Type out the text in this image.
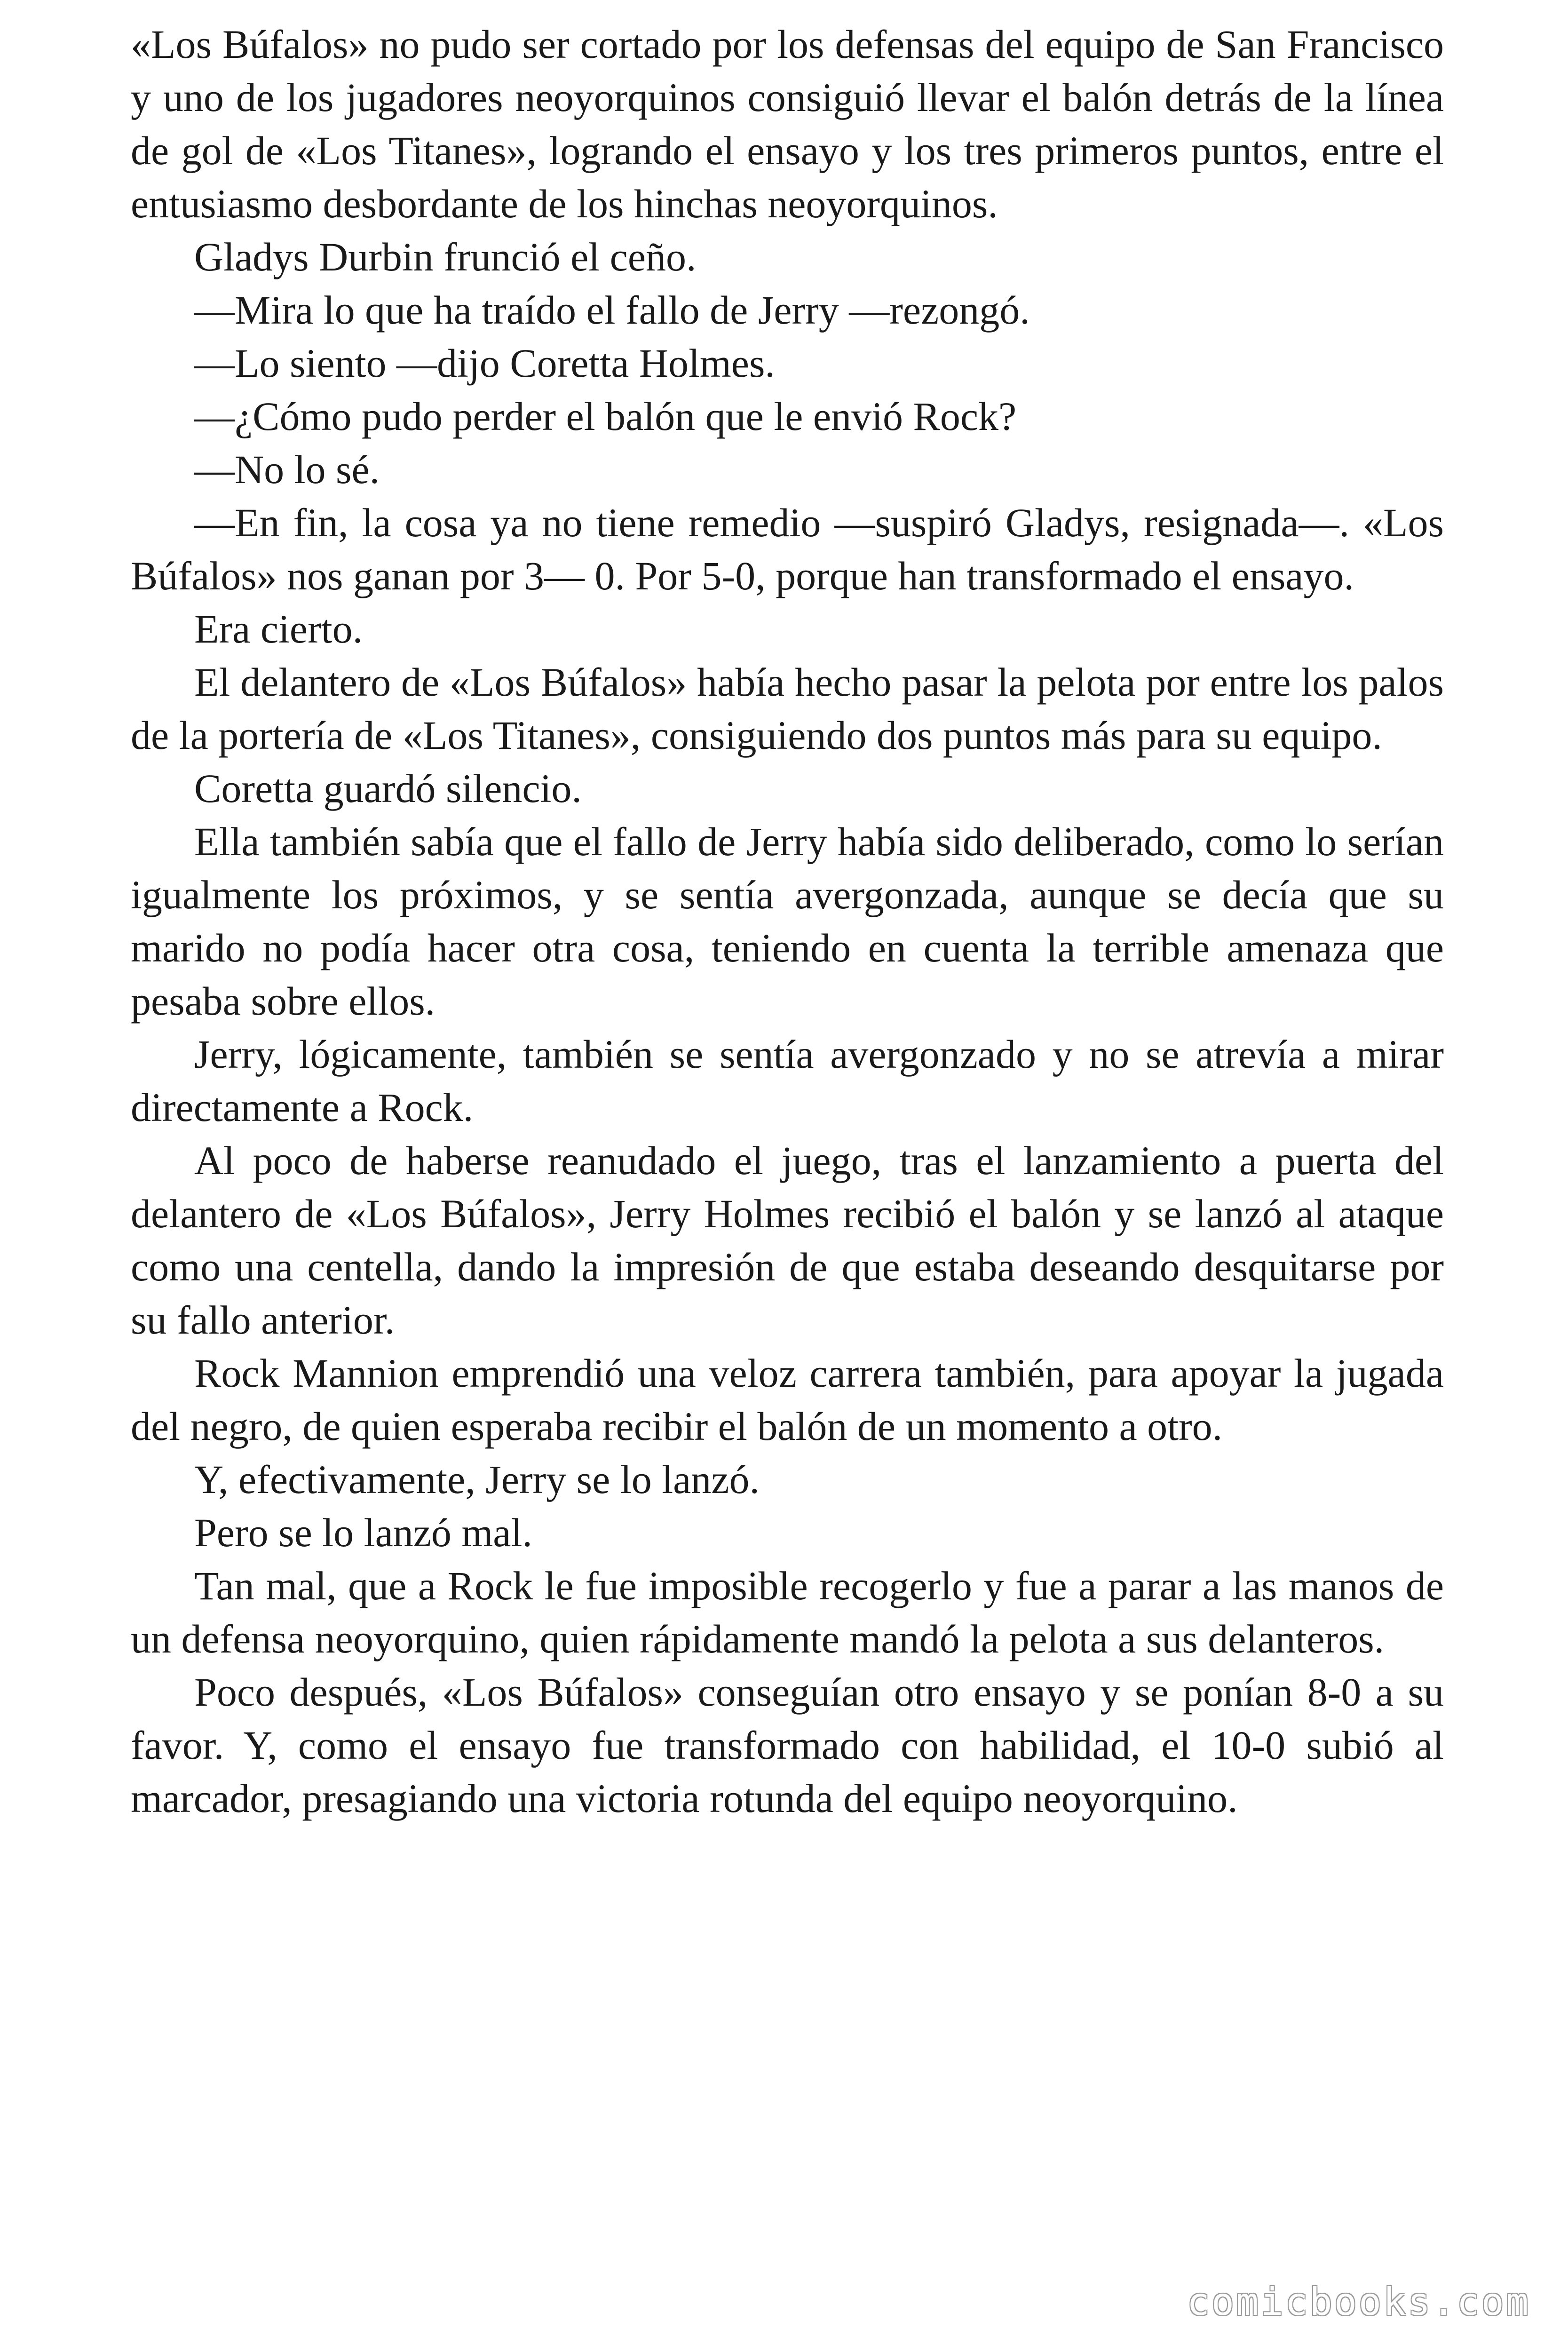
«Los Búfalos» no pudo ser cortado por los defensas del equipo de San Francisco y uno de los jugadores neoyorquinos consiguió llevar el balón detrás de la línea de gol de «Los Titanes», logrando el ensayo y los tres primeros puntos, entre el entusiasmo desbordante de los hinchas neoyorquinos.

Gladys Durbin frunció el ceño.

—Mira lo que ha traído el fallo de Jerry —rezongó.

—Lo siento —dijo Coretta Holmes.

—¿Cómo pudo perder el balón que le envió Rock?

—No lo sé.

—En fin, la cosa ya no tiene remedio —suspiró Gladys, resignada—. «Los Búfalos» nos ganan por 3— 0. Por 5-0, porque han transformado el ensayo.

Era cierto.

El delantero de «Los Búfalos» había hecho pasar la pelota por entre los palos de la portería de «Los Titanes», consiguiendo dos puntos más para su equipo.

Coretta guardó silencio.

Ella también sabía que el fallo de Jerry había sido deliberado, como lo serían igualmente los próximos, y se sentía avergonzada, aunque se decía que su marido no podía hacer otra cosa, teniendo en cuenta la terrible amenaza que pesaba sobre ellos.

Jerry, lógicamente, también se sentía avergonzado y no se atrevía a mirar directamente a Rock.

Al poco de haberse reanudado el juego, tras el lanzamiento a puerta del delantero de «Los Búfalos», Jerry Holmes recibió el balón y se lanzó al ataque como una centella, dando la impresión de que estaba deseando desquitarse por su fallo anterior.

Rock Mannion emprendió una veloz carrera también, para apoyar la jugada del negro, de quien esperaba recibir el balón de un momento a otro.

Y, efectivamente, Jerry se lo lanzó.

Pero se lo lanzó mal.

Tan mal, que a Rock le fue imposible recogerlo y fue a parar a las manos de un defensa neoyorquino, quien rápidamente mandó la pelota a sus delanteros.

Poco después, «Los Búfalos» conseguían otro ensayo y se ponían 8-0 a su favor. Y, como el ensayo fue transformado con habilidad, el 10-0 subió al marcador, presagiando una victoria rotunda del equipo neoyorquino.

comicbooks.com
